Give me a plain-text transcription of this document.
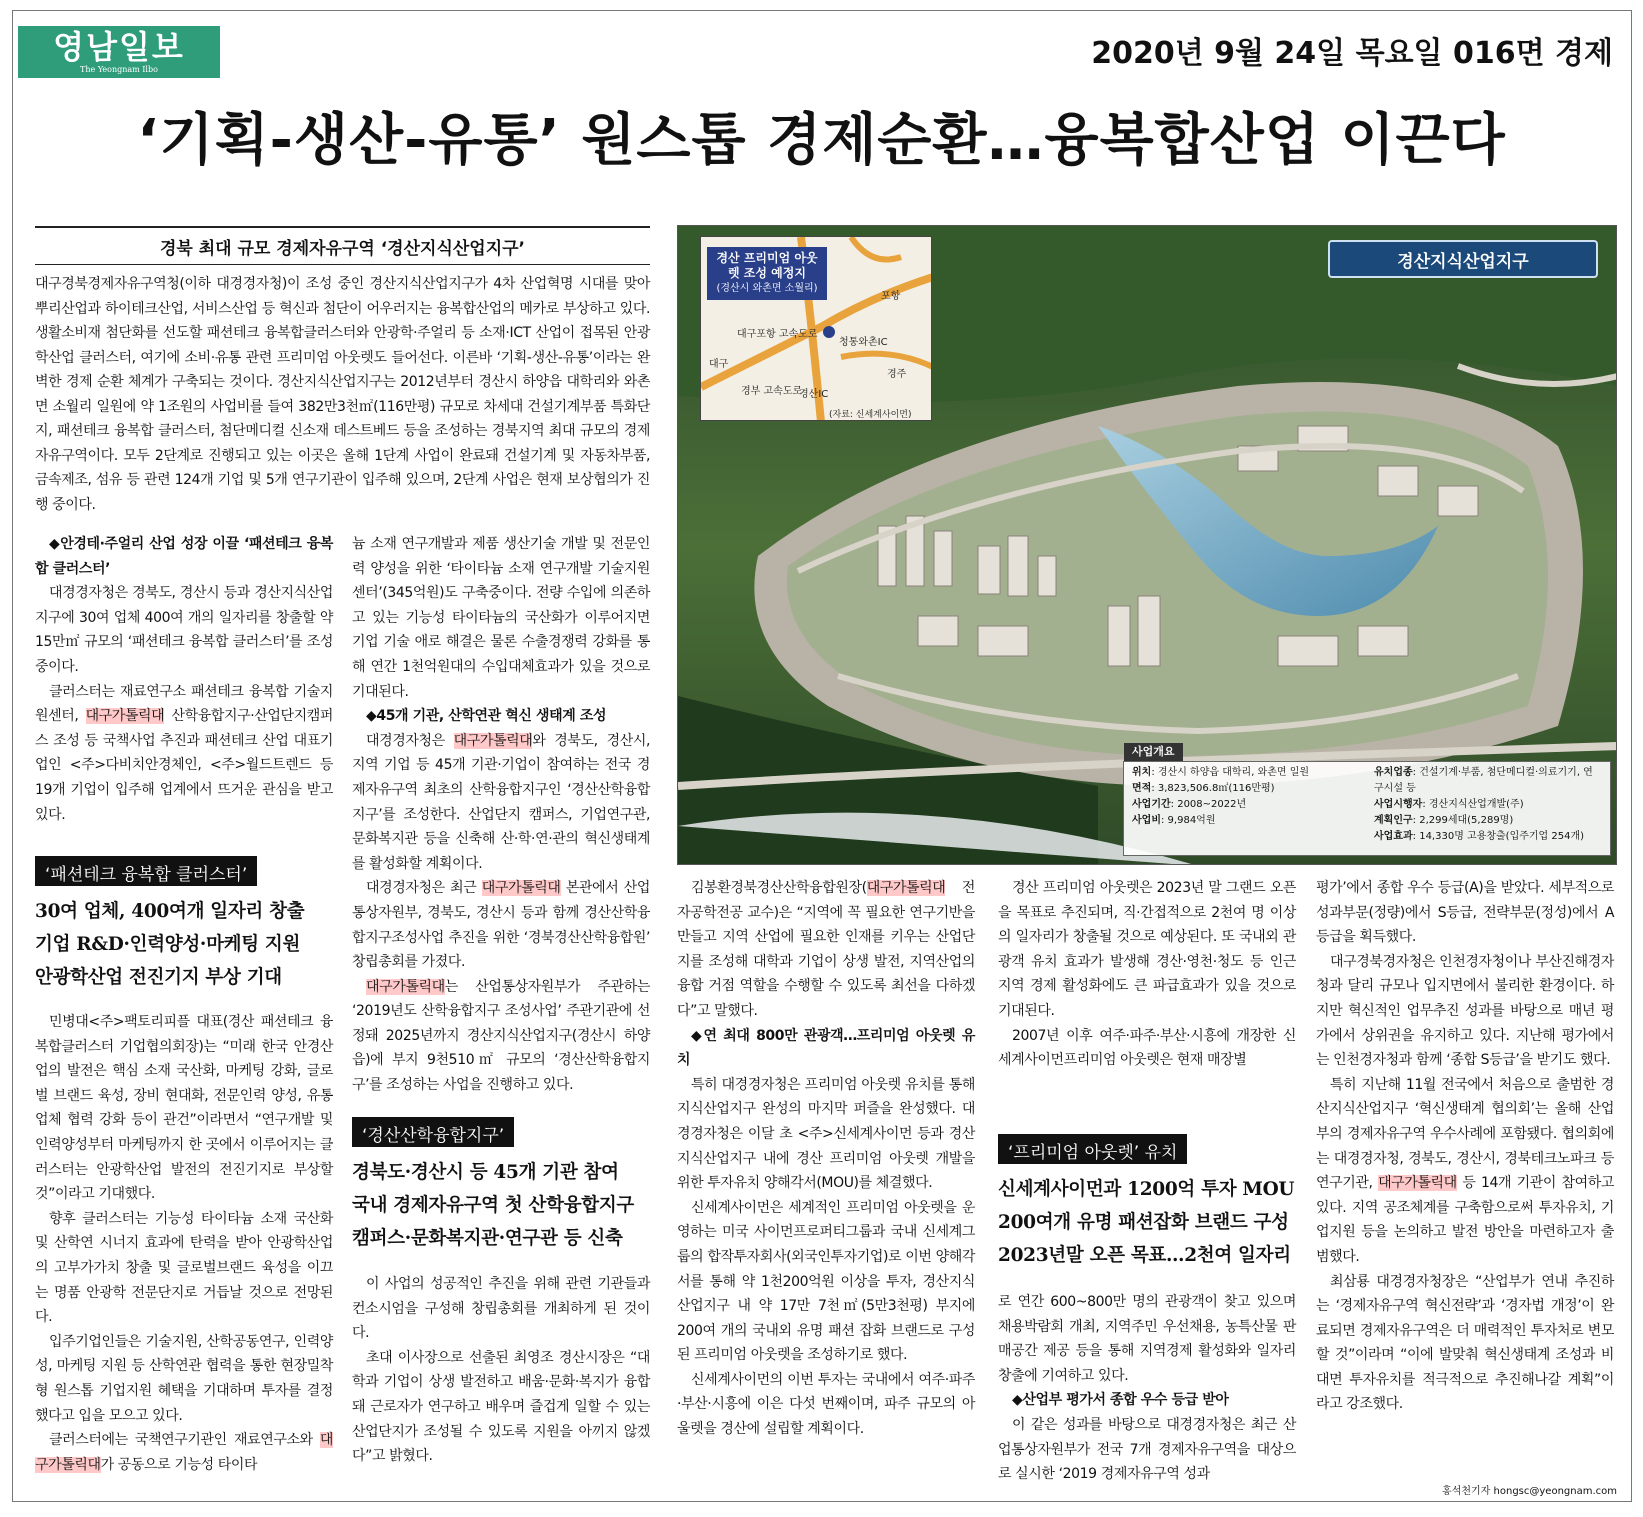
영남일보
The Yeongnam Ilbo	2020년 9월 24일 목요일 016면 경제
‘기획-생산-유통’ 원스톱 경제순환…융복합산업 이끈다
경북 최대 규모 경제자유구역 ‘경산지식산업지구’
대구경북경제자유구역청(이하 대경경자청)이 조성 중인 경산지식산업지구가 4차 산업혁명 시대를 맞아 뿌리산업과 하이테크산업, 서비스산업 등 혁신과 첨단이 어우러지는 융복합산업의 메카로 부상하고 있다. 생활소비재 첨단화를 선도할 패션테크 융복합클러스터와 안광학·주얼리 등 소재·ICT 산업이 접목된 안광학산업 클러스터, 여기에 소비·유통 관련 프리미엄 아웃렛도 들어선다. 이른바 ‘기획-생산-유통’이라는 완벽한 경제 순환 체계가 구축되는 것이다. 경산지식산업지구는 2012년부터 경산시 하양읍 대학리와 와촌면 소월리 일원에 약 1조원의 사업비를 들여 382만3천㎡(116만평) 규모로 차세대 건설기계부품 특화단지, 패션테크 융복합 클러스터, 첨단메디컬 신소재 데스트베드 등을 조성하는 경북지역 최대 규모의 경제자유구역이다. 모두 2단계로 진행되고 있는 이곳은 올해 1단계 사업이 완료돼 건설기계 및 자동차부품, 금속제조, 섬유 등 관련 124개 기업 및 5개 연구기관이 입주해 있으며, 2단계 사업은 현재 보상협의가 진행 중이다.
경산 프리미엄 아웃렛 조성 예정지
(경산시 와촌면 소월리)
대구포항 고속도로
청통와촌IC
대구
경부 고속도로
경산IC
경주
포항
(자료: 신세계사이먼)
경산지식산업지구
사업개요
위치: 경산시 하양읍 대학리, 와촌면 일원
면적: 3,823,506.8㎡(116만평)
사업기간: 2008~2022년
사업비: 9,984억원
유치업종: 건설기계·부품, 첨단메디컬·의료기기, 연구시설 등
사업시행자: 경산지식산업개발(주)
계획인구: 2,299세대(5,289명)
사업효과: 14,330명 고용창출(입주기업 254개)
◆안경테·주얼리 산업 성장 이끌 ‘패션테크 융복합 클러스터’

대경경자청은 경북도, 경산시 등과 경산지식산업지구에 30여 업체 400여 개의 일자리를 창출할 약 15만㎡ 규모의 ‘패션테크 융복합 클러스터’를 조성 중이다.

클러스터는 재료연구소 패션테크 융복합 기술지원센터, 대구가톨릭대 산학융합지구·산업단지캠퍼스 조성 등 국책사업 추진과 패션테크 산업 대표기업인 <주>다비치안경체인, <주>월드트렌드 등 19개 기업이 입주해 업계에서 뜨거운 관심을 받고 있다.

‘패션테크 융복합 클러스터’
30여 업체, 400여개 일자리 창출
기업 R&D·인력양성·마케팅 지원
안광학산업 전진기지 부상 기대

민병대<주>팩토리피플 대표(경산 패션테크 융복합클러스터 기업협의회장)는 “미래 한국 안경산업의 발전은 핵심 소재 국산화, 마케팅 강화, 글로벌 브랜드 육성, 장비 현대화, 전문인력 양성, 유통업체 협력 강화 등이 관건”이라면서 “연구개발 및 인력양성부터 마케팅까지 한 곳에서 이루어지는 클러스터는 안광학산업 발전의 전진기지로 부상할 것”이라고 기대했다.

향후 클러스터는 기능성 타이타늄 소재 국산화 및 산학연 시너지 효과에 탄력을 받아 안광학산업의 고부가가치 창출 및 글로벌브랜드 육성을 이끄는 명품 안광학 전문단지로 거듭날 것으로 전망된다.

입주기업인들은 기술지원, 산학공동연구, 인력양성, 마케팅 지원 등 산학연관 협력을 통한 현장밀착형 원스톱 기업지원 혜택을 기대하며 투자를 결정했다고 입을 모으고 있다.

클러스터에는 국책연구기관인 재료연구소와 대구가톨릭대가 공동으로 기능성 타이타

늄 소재 연구개발과 제품 생산기술 개발 및 전문인력 양성을 위한 ‘타이타늄 소재 연구개발 기술지원센터’(345억원)도 구축중이다. 전량 수입에 의존하고 있는 기능성 타이타늄의 국산화가 이루어지면 기업 기술 애로 해결은 물론 수출경쟁력 강화를 통해 연간 1천억원대의 수입대체효과가 있을 것으로 기대된다.

◆45개 기관, 산학연관 혁신 생태계 조성

대경경자청은 대구가톨릭대와 경북도, 경산시, 지역 기업 등 45개 기관·기업이 참여하는 전국 경제자유구역 최초의 산학융합지구인 ‘경산산학융합지구’를 조성한다. 산업단지 캠퍼스, 기업연구관, 문화복지관 등을 신축해 산·학·연·관의 혁신생태계를 활성화할 계획이다.

대경경자청은 최근 대구가톨릭대 본관에서 산업통상자원부, 경북도, 경산시 등과 함께 경산산학융합지구조성사업 추진을 위한 ‘경북경산산학융합원’ 창립총회를 가졌다.

대구가톨릭대는 산업통상자원부가 주관하는 ‘2019년도 산학융합지구 조성사업’ 주관기관에 선정돼 2025년까지 경산지식산업지구(경산시 하양읍)에 부지 9천510㎡ 규모의 ‘경산산학융합지구’를 조성하는 사업을 진행하고 있다.

‘경산산학융합지구’
경북도·경산시 등 45개 기관 참여
국내 경제자유구역 첫 산학융합지구
캠퍼스·문화복지관·연구관 등 신축

이 사업의 성공적인 추진을 위해 관련 기관들과 컨소시엄을 구성해 창립총회를 개최하게 된 것이다.

초대 이사장으로 선출된 최영조 경산시장은 “대학과 기업이 상생 발전하고 배움·문화·복지가 융합돼 근로자가 연구하고 배우며 즐겁게 일할 수 있는 산업단지가 조성될 수 있도록 지원을 아끼지 않겠다”고 밝혔다.

김봉환경북경산산학융합원장(대구가톨릭대 전자공학전공 교수)은 “지역에 꼭 필요한 연구기반을 만들고 지역 산업에 필요한 인재를 키우는 산업단지를 조성해 대학과 기업이 상생 발전, 지역산업의 융합 거점 역할을 수행할 수 있도록 최선을 다하겠다”고 말했다.

◆연 최대 800만 관광객…프리미엄 아웃렛 유치

특히 대경경자청은 프리미엄 아웃렛 유치를 통해 지식산업지구 완성의 마지막 퍼즐을 완성했다. 대경경자청은 이달 초 <주>신세계사이먼 등과 경산지식산업지구 내에 경산 프리미엄 아웃렛 개발을 위한 투자유치 양해각서(MOU)를 체결했다.

신세계사이먼은 세계적인 프리미엄 아웃렛을 운영하는 미국 사이먼프로퍼티그룹과 국내 신세계그룹의 합작투자회사(외국인투자기업)로 이번 양해각서를 통해 약 1천200억원 이상을 투자, 경산지식산업지구 내 약 17만 7천㎡(5만3천평) 부지에 200여 개의 국내외 유명 패션 잡화 브랜드로 구성된 프리미엄 아웃렛을 조성하기로 했다.

신세계사이먼의 이번 투자는 국내에서 여주·파주·부산·시흥에 이은 다섯 번째이며, 파주 규모의 아울렛을 경산에 설립할 계획이다.

경산 프리미엄 아웃렛은 2023년 말 그랜드 오픈을 목표로 추진되며, 직·간접적으로 2천여 명 이상의 일자리가 창출될 것으로 예상된다. 또 국내외 관광객 유치 효과가 발생해 경산·영천·청도 등 인근 지역 경제 활성화에도 큰 파급효과가 있을 것으로 기대된다.

2007년 이후 여주·파주·부산·시흥에 개장한 신세계사이먼프리미엄 아웃렛은 현재 매장별

‘프리미엄 아웃렛’ 유치
신세계사이먼과 1200억 투자 MOU
200여개 유명 패션잡화 브랜드 구성
2023년말 오픈 목표…2천여 일자리

로 연간 600~800만 명의 관광객이 찾고 있으며 채용박람회 개최, 지역주민 우선채용, 농특산물 판매공간 제공 등을 통해 지역경제 활성화와 일자리 창출에 기여하고 있다.

◆산업부 평가서 종합 우수 등급 받아

이 같은 성과를 바탕으로 대경경자청은 최근 산업통상자원부가 전국 7개 경제자유구역을 대상으로 실시한 ‘2019 경제자유구역 성과

평가’에서 종합 우수 등급(A)을 받았다. 세부적으로 성과부문(정량)에서 S등급, 전략부문(정성)에서 A등급을 획득했다.

대구경북경자청은 인천경자청이나 부산진해경자청과 달리 규모나 입지면에서 불리한 환경이다. 하지만 혁신적인 업무추진 성과를 바탕으로 매년 평가에서 상위권을 유지하고 있다. 지난해 평가에서는 인천경자청과 함께 ‘종합 S등급’을 받기도 했다.

특히 지난해 11월 전국에서 처음으로 출범한 경산지식산업지구 ‘혁신생태계 협의회’는 올해 산업부의 경제자유구역 우수사례에 포함됐다. 협의회에는 대경경자청, 경북도, 경산시, 경북테크노파크 등 연구기관, 대구가톨릭대 등 14개 기관이 참여하고 있다. 지역 공조체계를 구축함으로써 투자유치, 기업지원 등을 논의하고 발전 방안을 마련하고자 출범했다.

최삼룡 대경경자청장은 “산업부가 연내 추진하는 ‘경제자유구역 혁신전략’과 ‘경자법 개정’이 완료되면 경제자유구역은 더 매력적인 투자처로 변모할 것”이라며 “이에 발맞춰 혁신생태계 조성과 비대면 투자유치를 적극적으로 추진해나갈 계획”이라고 강조했다.

홍석천기자 hongsc@yeongnam.com
